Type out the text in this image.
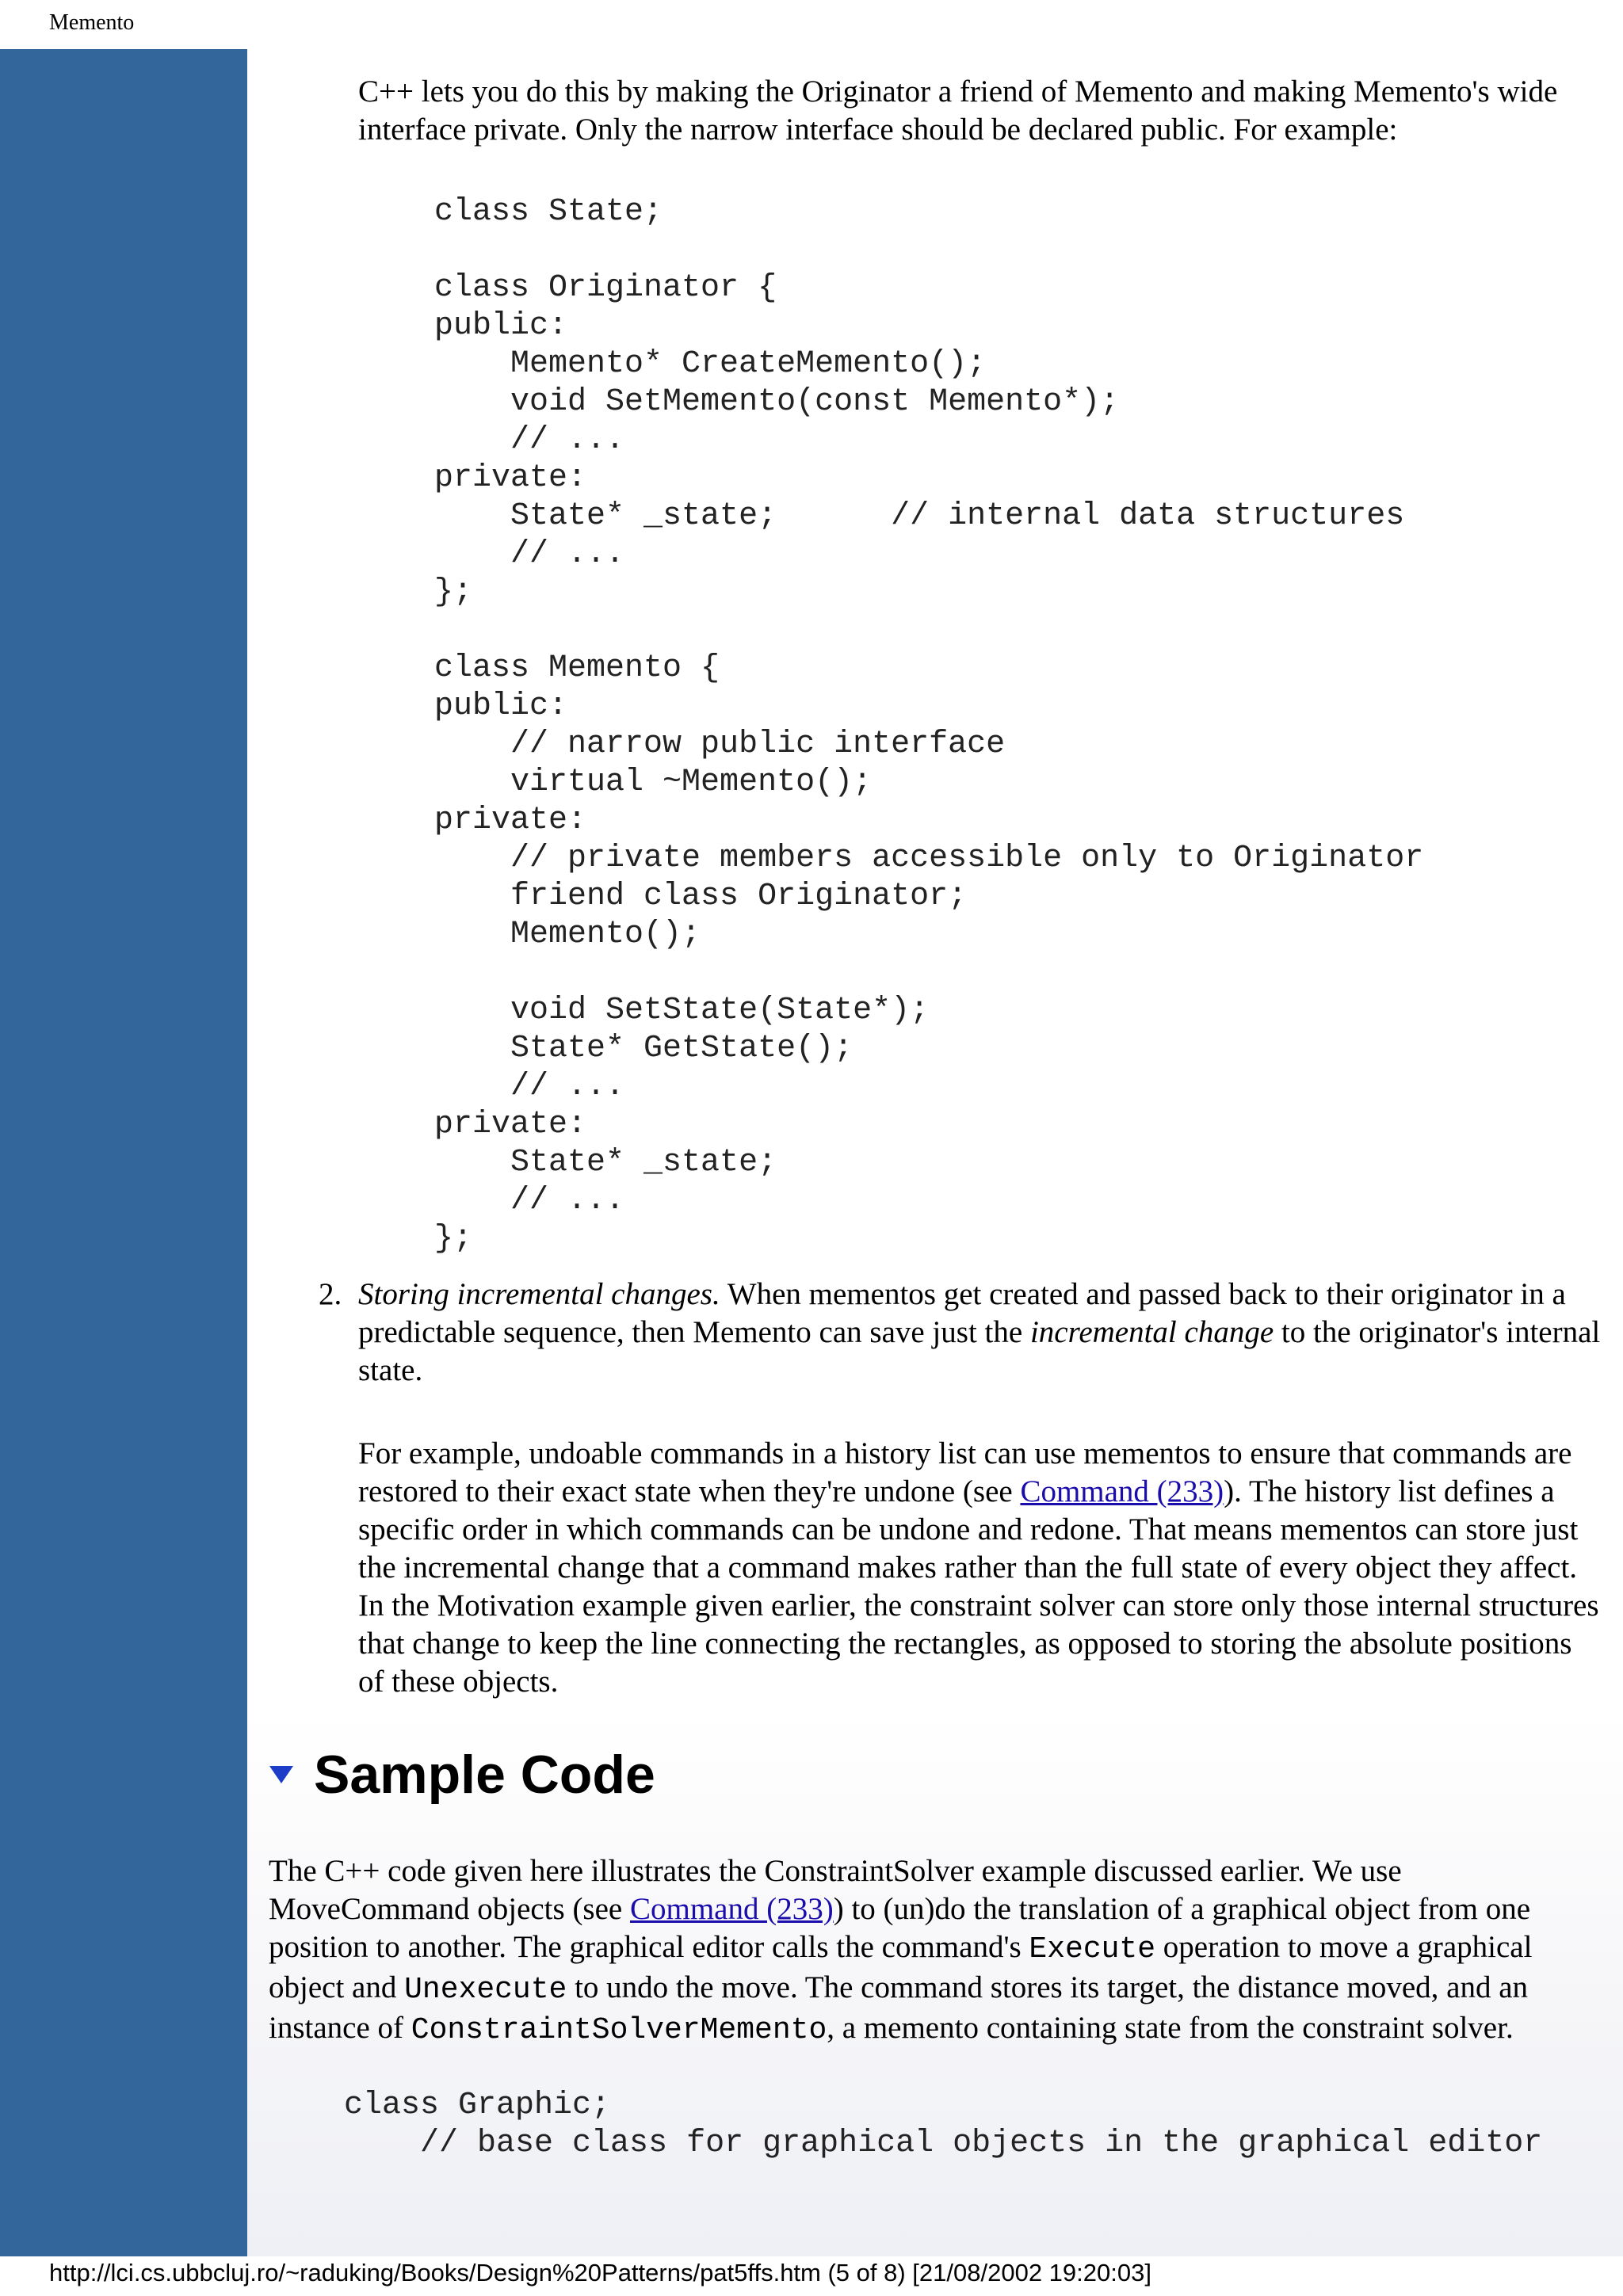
Memento

C++ lets you do this by making the Originator a friend of Memento and making Memento's wide interface private. Only the narrow interface should be declared public. For example:

class State;

class Originator {
public:
Memento* CreateMemento();
void SetMemento(const Memento*);
// ...
private:
State* _state;      // internal data structures
// ...
};

class Memento {
public:
// narrow public interface
virtual ~Memento();
private:
// private members accessible only to Originator
friend class Originator;
Memento();

void SetState(State*);
State* GetState();
// ...
private:
State* _state;
// ...
};
2. Storing incremental changes. When mementos get created and passed back to their originator in a predictable sequence, then Memento can save just the incremental change to the originator's internal state.

For example, undoable commands in a history list can use mementos to ensure that commands are restored to their exact state when they're undone (see Command (233)). The history list defines a specific order in which commands can be undone and redone. That means mementos can store just the incremental change that a command makes rather than the full state of every object they affect. In the Motivation example given earlier, the constraint solver can store only those internal structures that change to keep the line connecting the rectangles, as opposed to storing the absolute positions of these objects.

Sample Code

The C++ code given here illustrates the ConstraintSolver example discussed earlier. We use MoveCommand objects (see Command (233)) to (un)do the translation of a graphical object from one position to another. The graphical editor calls the command's Execute operation to move a graphical object and Unexecute to undo the move. The command stores its target, the distance moved, and an instance of ConstraintSolverMemento, a memento containing state from the constraint solver.

class Graphic;
// base class for graphical objects in the graphical editor
http://lci.cs.ubbcluj.ro/~raduking/Books/Design%20Patterns/pat5ffs.htm (5 of 8) [21/08/2002 19:20:03]
